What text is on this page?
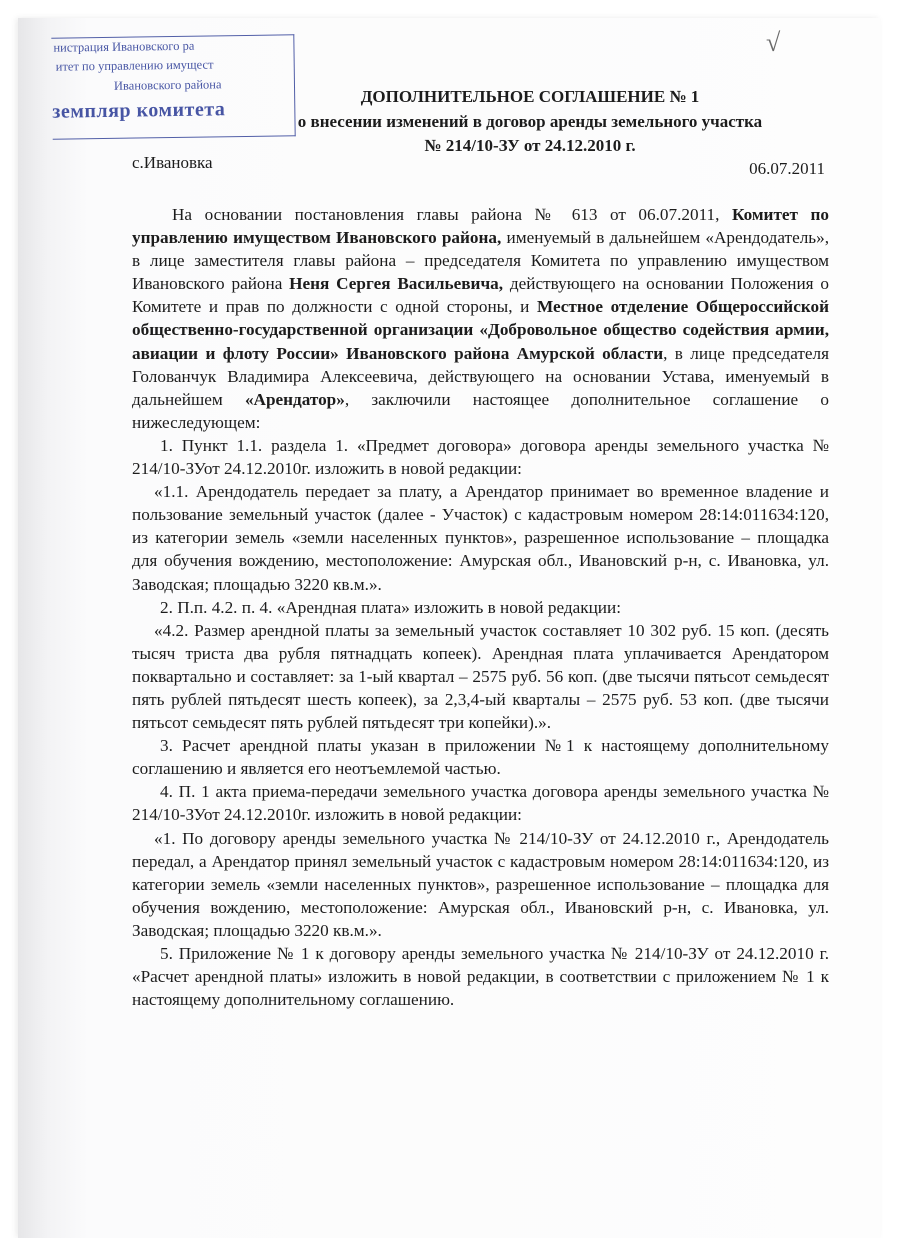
нистрация Ивановского ра
итет по управлению имущест
Ивановского района
земпляр комитета
√
ДОПОЛНИТЕЛЬНОЕ СОГЛАШЕНИЕ № 1
о внесении изменений в договор аренды земельного участка
№ 214/10-ЗУ от 24.12.2010 г.
с.Ивановка	06.07.2011

На основании постановления главы района № 613 от 06.07.2011, Комитет по управлению имуществом Ивановского района, именуемый в дальнейшем «Арендодатель», в лице заместителя главы района – председателя Комитета по управлению имуществом Ивановского района Неня Сергея Васильевича, действующего на основании Положения о Комитете и прав по должности с одной стороны, и Местное отделение Общероссийской общественно-государственной организации «Добровольное общество содействия армии, авиации и флоту России» Ивановского района Амурской области, в лице председателя Голованчук Владимира Алексеевича, действующего на основании Устава, именуемый в дальнейшем «Арендатор», заключили настоящее дополнительное соглашение о нижеследующем:

1. Пункт 1.1. раздела 1. «Предмет договора» договора аренды земельного участка № 214/10-ЗУот 24.12.2010г. изложить в новой редакции:

«1.1. Арендодатель передает за плату, а Арендатор принимает во временное владение и пользование земельный участок (далее - Участок) с кадастровым номером 28:14:011634:120, из категории земель «земли населенных пунктов», разрешенное использование – площадка для обучения вождению, местоположение: Амурская обл., Ивановский р-н, с. Ивановка, ул. Заводская; площадью 3220 кв.м.».

2. П.п. 4.2. п. 4. «Арендная плата» изложить в новой редакции:

«4.2. Размер арендной платы за земельный участок составляет 10 302 руб. 15 коп. (десять тысяч триста два рубля пятнадцать копеек). Арендная плата уплачивается Арендатором поквартально и составляет: за 1-ый квартал – 2575 руб. 56 коп. (две тысячи пятьсот семьдесят пять рублей пятьдесят шесть копеек), за 2,3,4-ый кварталы – 2575 руб. 53 коп. (две тысячи пятьсот семьдесят пять рублей пятьдесят три копейки).».

3. Расчет арендной платы указан в приложении №1 к настоящему дополнительному соглашению и является его неотъемлемой частью.

4. П. 1 акта приема-передачи земельного участка договора аренды земельного участка № 214/10-ЗУот 24.12.2010г. изложить в новой редакции:

«1. По договору аренды земельного участка № 214/10-ЗУ от 24.12.2010 г., Арендодатель передал, а Арендатор принял земельный участок с кадастровым номером 28:14:011634:120, из категории земель «земли населенных пунктов», разрешенное использование – площадка для обучения вождению, местоположение: Амурская обл., Ивановский р-н, с. Ивановка, ул. Заводская; площадью 3220 кв.м.».

5. Приложение № 1 к договору аренды земельного участка № 214/10-ЗУ от 24.12.2010 г. «Расчет арендной платы» изложить в новой редакции, в соответствии с приложением № 1 к настоящему дополнительному соглашению.
